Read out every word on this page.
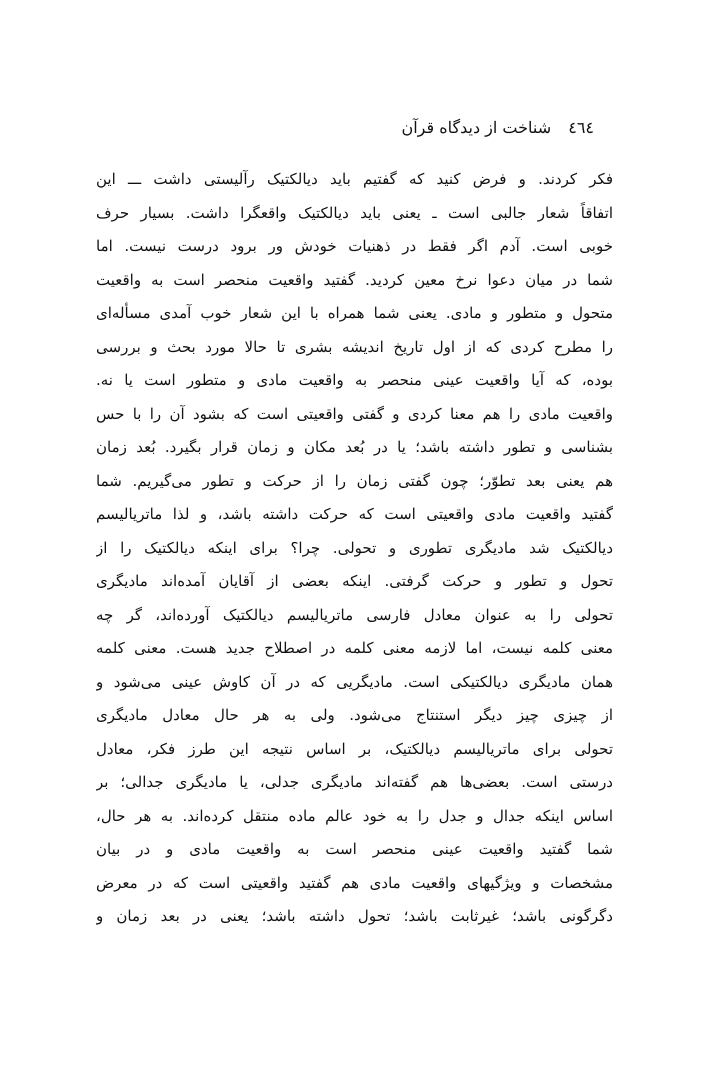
٤٦٤ شناخت از دیدگاه قرآن
فکر کردند. و فرض کنید که گفتیم باید دیالکتیک رآلیستی داشت ـــ این
اتفاقاً شعار جالبی است ـ یعنی باید دیالکتیک واقعگرا داشت. بسیار حرف
خوبی است. آدم اگر فقط در ذهنیات خودش ور برود درست نیست. اما
شما در میان دعوا نرخ معین کردید. گفتید واقعیت منحصر است به واقعیت
متحول و متطور و مادی. یعنی شما همراه با این شعار خوب آمدی مسأله‌ای
را مطرح کردی که از اول تاریخ اندیشه بشری تا حالا مورد بحث و بررسی
بوده، که آیا واقعیت عینی منحصر به واقعیت مادی و متطور است یا نه.
واقعیت مادی را هم معنا کردی و گفتی واقعیتی است که بشود آن را با حس
بشناسی و تطور داشته باشد؛ یا در بُعد مکان و زمان قرار بگیرد. بُعد زمان
هم یعنی بعد تطوّر؛ چون گفتی زمان را از حرکت و تطور می‌گیریم. شما
گفتید واقعیت مادی واقعیتی است که حرکت داشته باشد، و لذا ماتریالیسم
دیالکتیک شد مادیگری تطوری و تحولی. چرا؟ برای اینکه دیالکتیک را از
تحول و تطور و حرکت گرفتی. اینکه بعضی از آقایان آمده‌اند مادیگری
تحولی را به عنوان معادل فارسی ماتریالیسم دیالکتیک آورده‌اند، گر چه
معنی کلمه نیست، اما لازمه معنی کلمه در اصطلاح جدید هست. معنی کلمه
همان مادیگری دیالکتیکی است. مادیگریی که در آن کاوش عینی می‌شود و
از چیزی چیز دیگر استنتاج می‌شود. ولی به هر حال معادل مادیگری
تحولی برای ماتریالیسم دیالکتیک، بر اساس نتیجه این طرز فکر، معادل
درستی است. بعضی‌ها هم گفته‌اند مادیگری جدلی، یا مادیگری جدالی؛ بر
اساس اینکه جدال و جدل را به خود عالم ماده منتقل کرده‌اند. به هر حال،
شما گفتید واقعیت عینی منحصر است به واقعیت مادی و در بیان
مشخصات و ویژگیهای واقعیت مادی هم گفتید واقعیتی است که در معرض
دگرگونی باشد؛ غیرثابت باشد؛ تحول داشته باشد؛ یعنی در بعد زمان و
